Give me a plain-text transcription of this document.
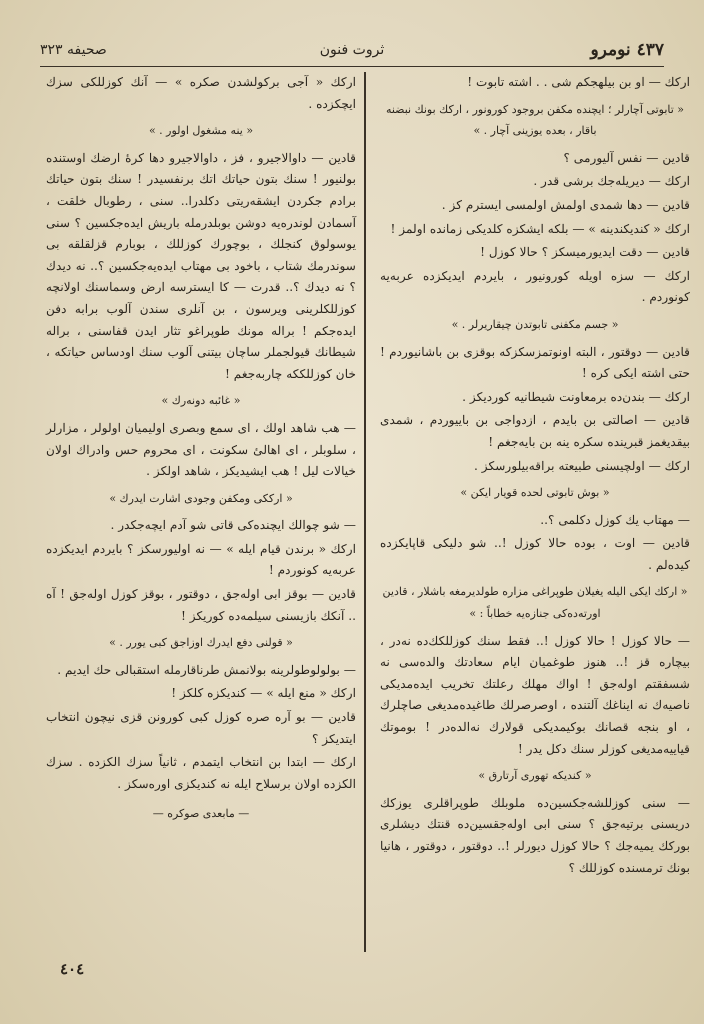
٤٣٧ نومرو
ثروت فنون
صحيفه ٣٢٣

ارکك — او بن بیلهجکم شی . . اشته تابوت !

« تابوتی آچارلر ؛ ایچنده مکفن بروجود کورونور ، ارکك بونك نبضنه باقار ، بعده یوزینی آچار . »

قادین — نفس آلیورمی ؟

ارکك — دیریله‌جك برشی قدر .

قادین — دها شمدی اولمش اولمسی ایسترم کز .

ارکك « کندیکندینه » — بلکه ایشکزه کلدیکی زمانده اولمز !

قادین — دقت ایدیورمیسکز ؟ حالا کوزل !

ارکك — سزه اویله کورونیور ، بایردم ایدیکزده عربه‌یه کونوردم .

« جسم مکفنی تابوتدن چیقاریرلر . »

قادین — دوقتور ، البته اونوتمزسکزکه بوقزی بن باشانیوردم ! حتی اشته ایکی کره !

ارکك — بندن‌ده برمعاونت شیطانیه کوردیکز .

قادین — اصالتی بن بایدم ، ازدواجی بن باییوردم ، شمدی بیقدیغمز قبرینده سکره ینه بن بایه‌جغم !

ارکك — اولچیسنی طبیعته براقه‌بیلورسکز .

« بوش تابوتی لحده قویار ایکن »

— مهتاب یك کوزل دکلمی ؟..

قادین — اوت ، بوده حالا کوزل !.. شو دلیکی قاپایکزده کیده‌لم .

« ارکك ایکی الیله یغیلان طوپراغی مزاره طولدیرمغه باشلار ، قادین اورته‌ده‌کی جنازه‌یه خطاباً : »

— حالا کوزل ! حالا کوزل !.. فقط سنك کوزللکك‌ده نه‌در ، بیچاره قز !.. هنوز طوغمیان ایام سعادتك والده‌سی نه شسفقتم اوله‌جق ! اواك مهلك رعلتك تخریب ایده‌مدیکی ناصیه‌ك نه ایناغك آلتنده ، اوصرصرلك طاغیده‌مدیغی صاچلرك ، او بنجه قصانك بوکیمدیکی قولارك نه‌الده‌در ! بوموتك قیاییه‌مدیغی کوزلر سنك دکل یدر !

« کندیکه تهوری آرتارق »

— سنی کوزللشه‌جکسین‌ده ملوبلك طوپراقلری یوزکك دریسنی برتیه‌جق ؟ سنی ابی اوله‌جقسین‌ده قنتك دیشلری بورکك یمیه‌جك ؟ حالا کوزل دیورلر !.. دوقتور ، دوقتور ، هانیا بونك ترمسنده کوزللك ؟

ارکك « آجی بركولشدن صکره » — آنك کوزللکی سزك ایچکزده .

« ینه مشغول اولور . »

قادین — داوالاجیرو ، فز ، داوالاجیرو دها کرهٔ ارضك اوستنده بولنیور ! سنك بتون حیاتك اتك برنفسیدر ! سنك بتون حیاتك برادم جکردن ایشقه‌ریتی دکلدرا.. سنی ، رطوبال خلقت ، آسمادن لوندره‌یه دوشن بوبلدرمله باریش ایده‌جکسین ؟ سنی یوسولوق کنجلك ، بوچورك کوزللك ، بوبارم قزلقلقه بی سوندرمك شتاب ، باخود بی مهتاب ایده‌یه‌جکسین ؟.. نه دیدك ؟ نه دیدك ؟.. قدرت — کا ایسترسه ارض وسماسنك اولانچه کوزللکلرینی ویرسون ، بن آنلری سندن آلوب برابه دفن ایده‌جکم ! براله مونك طوپراغو تثار ایدن قفاسنی ، براله شیطانك قیولجملر ساچان بیتنی آلوب سنك اودساس حیاتکه ، خان کوزللککه چاربه‌جغم !

« غائبه دونه‌رك »

— هب شاهد اولك ، ای سمع وبصری اولیمیان اولولر ، مزارلر ، سلوبلر ، ای اهالئ سکونت ، ای محروم حس وادراك اولان خیالات لیل ! هب ایشیدیکز ، شاهد اولکز .

« ارککی ومکفن وجودی اشارت ایدرك »

— شو چوالك ایچنده‌کی قاتی شو آدم ایچه‌جکدر .

ارکك « برندن قیام ایله » — نه اولیورسکز ؟ بایردم ایدیکزده عربه‌یه کونوردم !

قادین — بوقز ابی اوله‌جق ، دوقتور ، بوقز کوزل اوله‌جق ! آه .. آنکك بازیسنی سیلمه‌ده کوریکز !

« قولنی دفع ایدرك اوزاجق کبی یورر . »

— بولولوطولرینه بولانمش طرناقارمله استقبالی حك ایدیم .

ارکك « منع ایله » — کندیکزه کلکز !

قادین — بو آره صره کوزل کبی کورونن قزی نیچون انتخاب ایتدیکز ؟

ارکك — ابتدا بن انتخاب ایتمدم ، ثانیاً سزك الکزده . سزك الکزده اولان برسلاح ایله نه کندیکزی اوره‌سکز .

— مابعدی صوکره —
٤٠٤
